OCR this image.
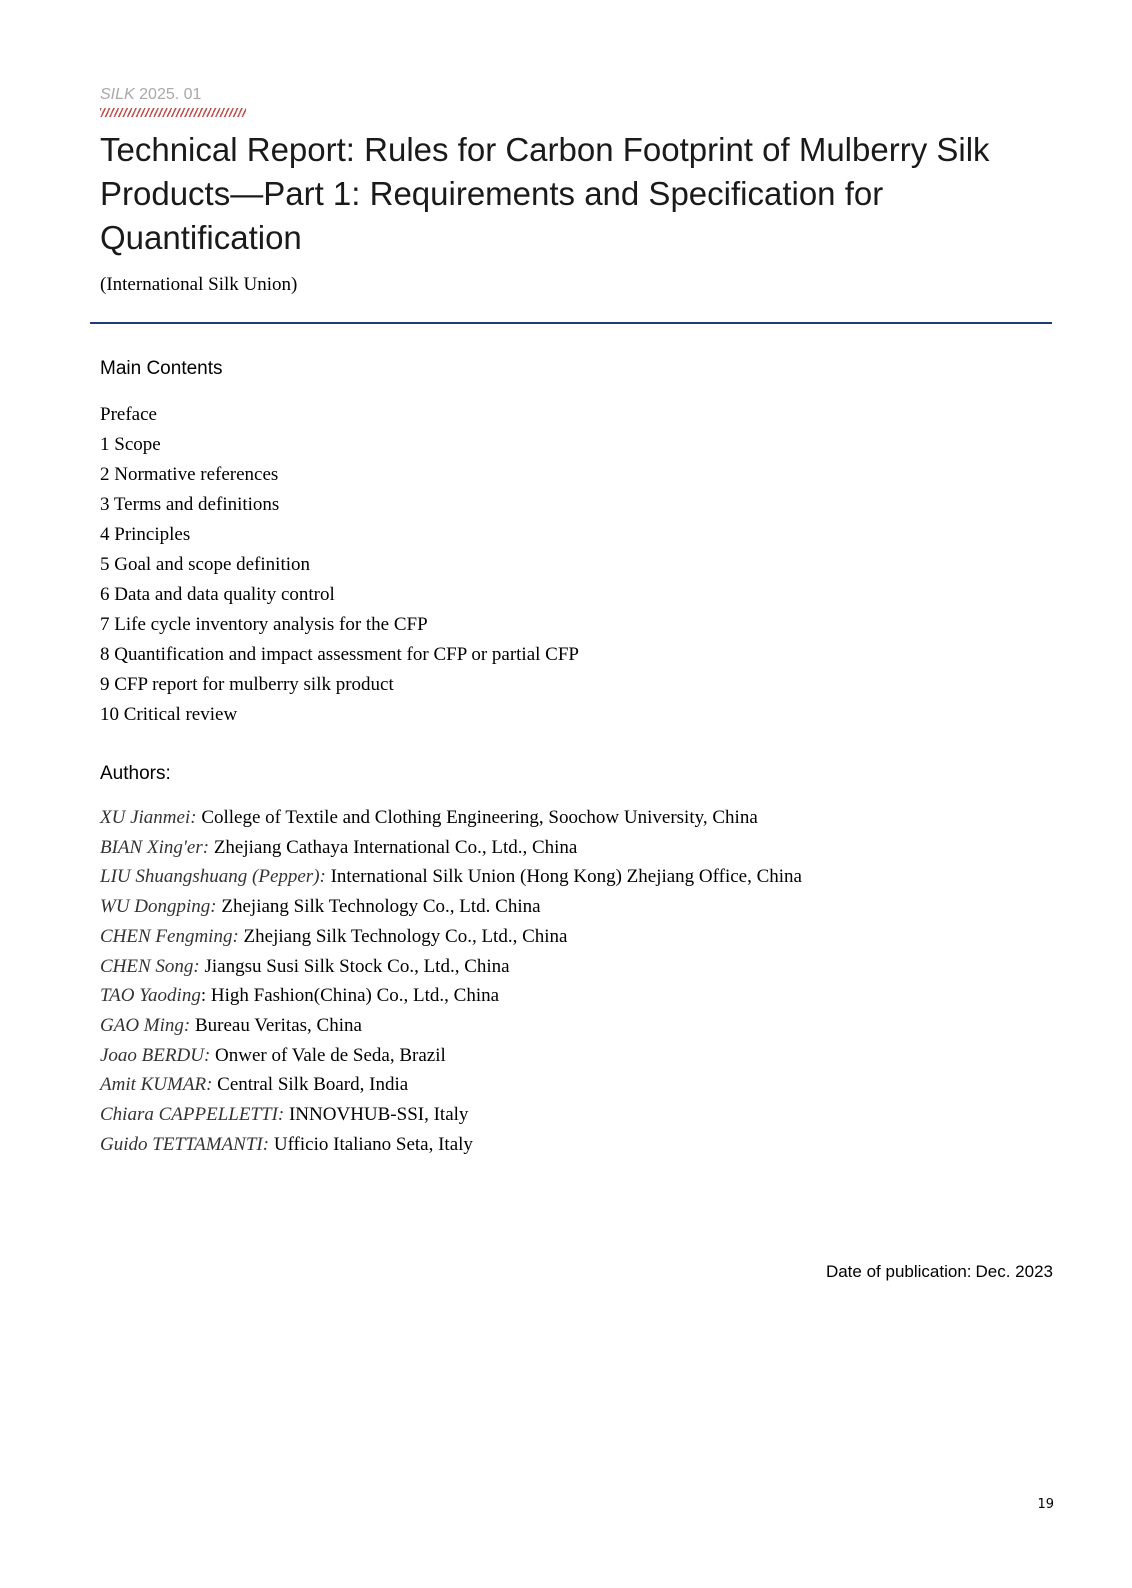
SILK 2025. 01
Technical Report: Rules for Carbon Footprint of Mulberry Silk Products—Part 1: Requirements and Specification for Quantification
(International Silk Union)
Main Contents
Preface
1 Scope
2 Normative references
3 Terms and definitions
4 Principles
5 Goal and scope definition
6 Data and data quality control
7 Life cycle inventory analysis for the CFP
8 Quantification and impact assessment for CFP or partial CFP
9 CFP report for mulberry silk product
10 Critical review
Authors:
XU Jianmei: College of Textile and Clothing Engineering, Soochow University, China
BIAN Xing'er: Zhejiang Cathaya International Co., Ltd., China
LIU Shuangshuang (Pepper): International Silk Union (Hong Kong) Zhejiang Office, China
WU Dongping: Zhejiang Silk Technology Co., Ltd. China
CHEN Fengming: Zhejiang Silk Technology Co., Ltd., China
CHEN Song: Jiangsu Susi Silk Stock Co., Ltd., China
TAO Yaoding: High Fashion(China) Co., Ltd., China
GAO Ming: Bureau Veritas, China
Joao BERDU: Onwer of Vale de Seda, Brazil
Amit KUMAR: Central Silk Board, India
Chiara CAPPELLETTI: INNOVHUB-SSI, Italy
Guido TETTAMANTI: Ufficio Italiano Seta, Italy
Date of publication: Dec. 2023
19
